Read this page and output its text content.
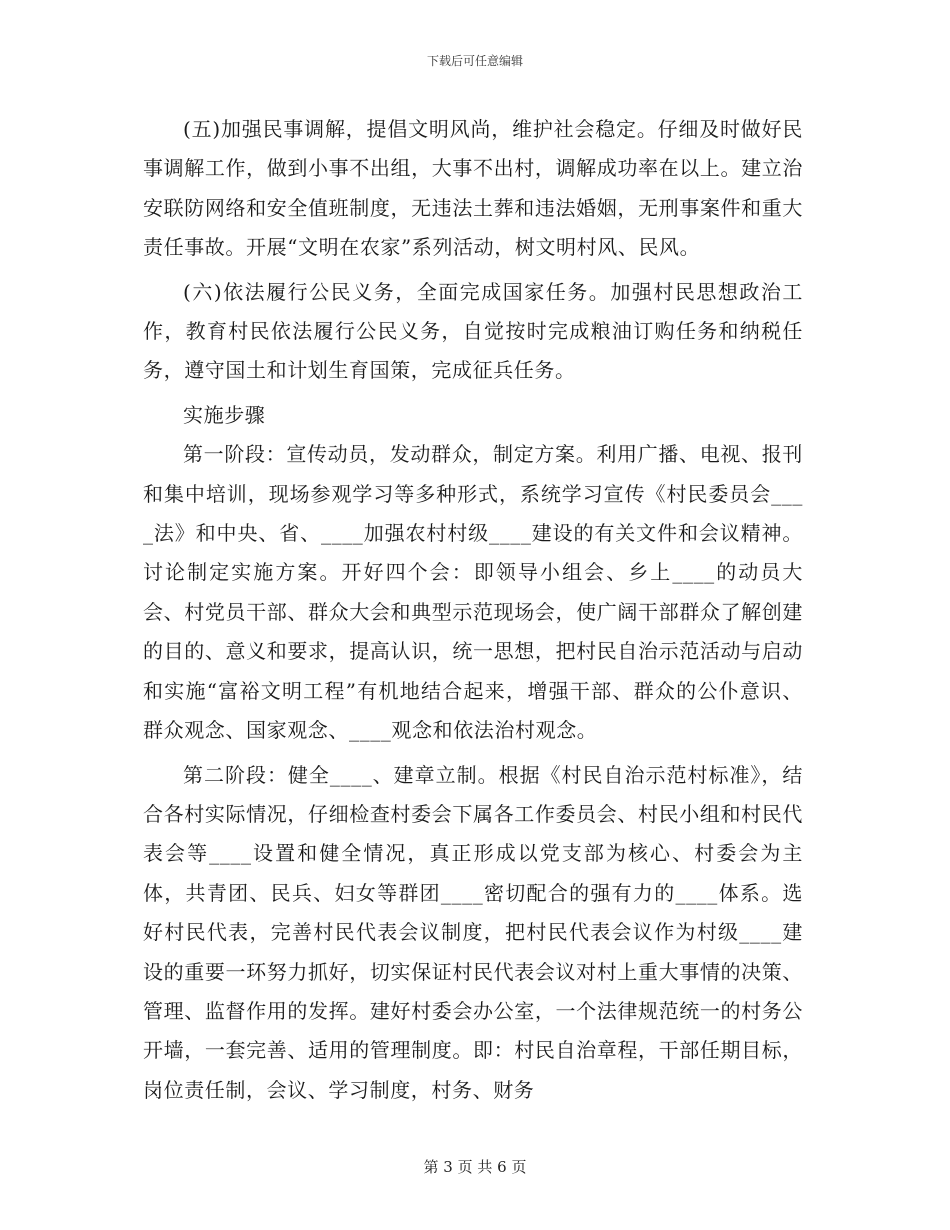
下载后可任意编辑

(五)加强民事调解，提倡文明风尚，维护社会稳定。仔细及时做好民事调解工作，做到小事不出组，大事不出村，调解成功率在以上。建立治安联防网络和安全值班制度，无违法土葬和违法婚姻，无刑事案件和重大责任事故。开展“文明在农家”系列活动，树文明村风、民风。

(六)依法履行公民义务，全面完成国家任务。加强村民思想政治工作，教育村民依法履行公民义务，自觉按时完成粮油订购任务和纳税任务，遵守国土和计划生育国策，完成征兵任务。

实施步骤

第一阶段：宣传动员，发动群众，制定方案。利用广播、电视、报刊和集中培训，现场参观学习等多种形式，系统学习宣传《村民委员会____法》和中央、省、____加强农村村级____建设的有关文件和会议精神。讨论制定实施方案。开好四个会：即领导小组会、乡上____的动员大会、村党员干部、群众大会和典型示范现场会，使广阔干部群众了解创建的目的、意义和要求，提高认识，统一思想，把村民自治示范活动与启动和实施“富裕文明工程”有机地结合起来，增强干部、群众的公仆意识、群众观念、国家观念、____观念和依法治村观念。

第二阶段：健全____、建章立制。根据《村民自治示范村标准》，结合各村实际情况，仔细检查村委会下属各工作委员会、村民小组和村民代表会等____设置和健全情况，真正形成以党支部为核心、村委会为主体，共青团、民兵、妇女等群团____密切配合的强有力的____体系。选好村民代表，完善村民代表会议制度，把村民代表会议作为村级____建设的重要一环努力抓好，切实保证村民代表会议对村上重大事情的决策、管理、监督作用的发挥。建好村委会办公室，一个法律规范统一的村务公开墙，一套完善、适用的管理制度。即：村民自治章程，干部任期目标，岗位责任制，会议、学习制度，村务、财务

第 3 页 共 6 页
